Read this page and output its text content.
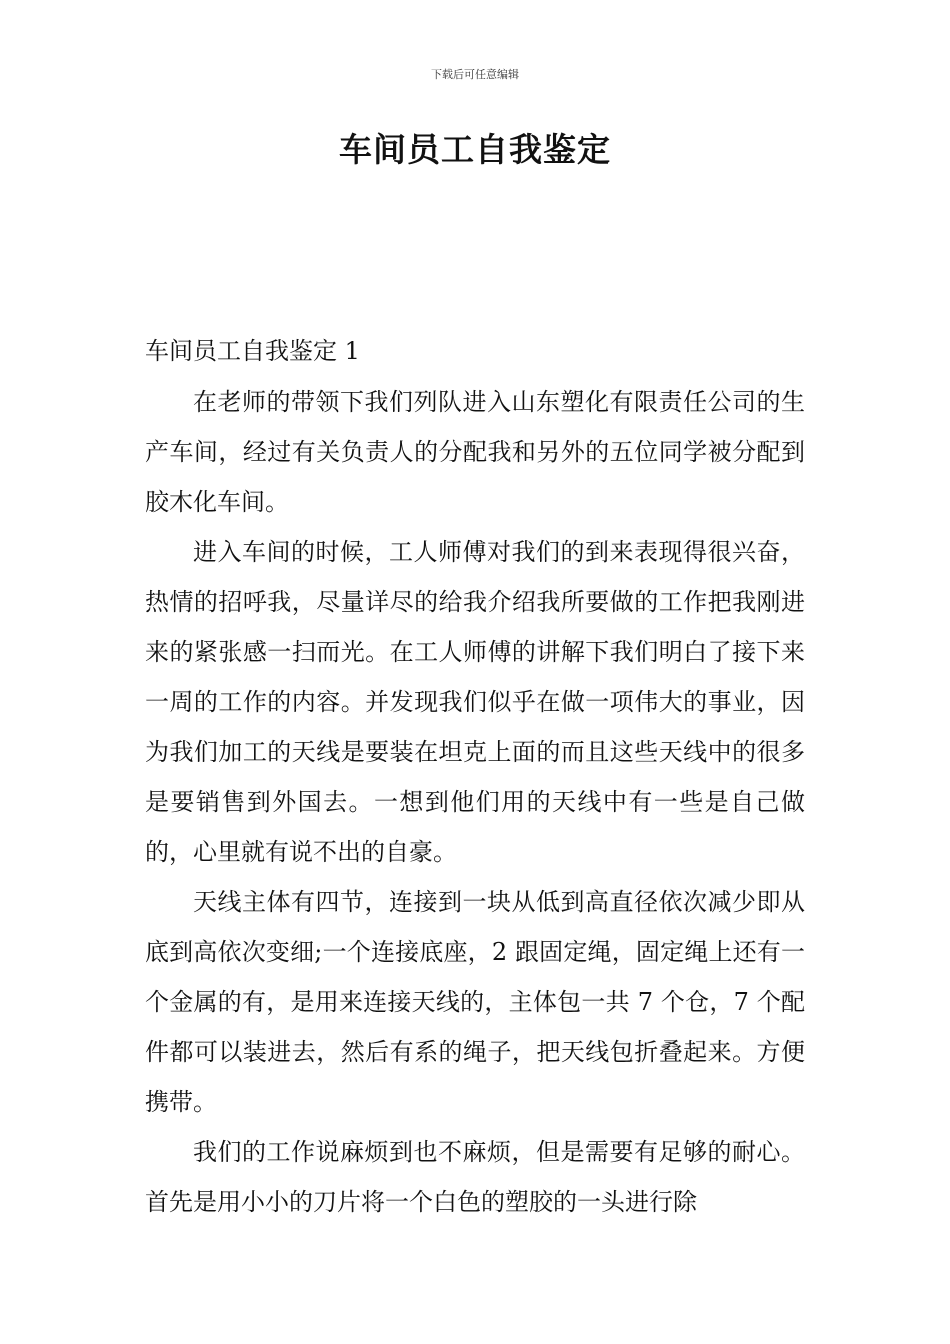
下载后可任意编辑
车间员工自我鉴定
车间员工自我鉴定 1

在老师的带领下我们列队进入山东塑化有限责任公司的生产车间，经过有关负责人的分配我和另外的五位同学被分配到胶木化车间。

进入车间的时候，工人师傅对我们的到来表现得很兴奋，热情的招呼我，尽量详尽的给我介绍我所要做的工作把我刚进来的紧张感一扫而光。在工人师傅的讲解下我们明白了接下来一周的工作的内容。并发现我们似乎在做一项伟大的事业，因为我们加工的天线是要装在坦克上面的而且这些天线中的很多是要销售到外国去。一想到他们用的天线中有一些是自己做的，心里就有说不出的自豪。

天线主体有四节，连接到一块从低到高直径依次减少即从底到高依次变细;一个连接底座，2 跟固定绳，固定绳上还有一个金属的有，是用来连接天线的，主体包一共 7 个仓，7 个配件都可以装进去，然后有系的绳子，把天线包折叠起来。方便携带。

我们的工作说麻烦到也不麻烦，但是需要有足够的耐心。首先是用小小的刀片将一个白色的塑胶的一头进行除
